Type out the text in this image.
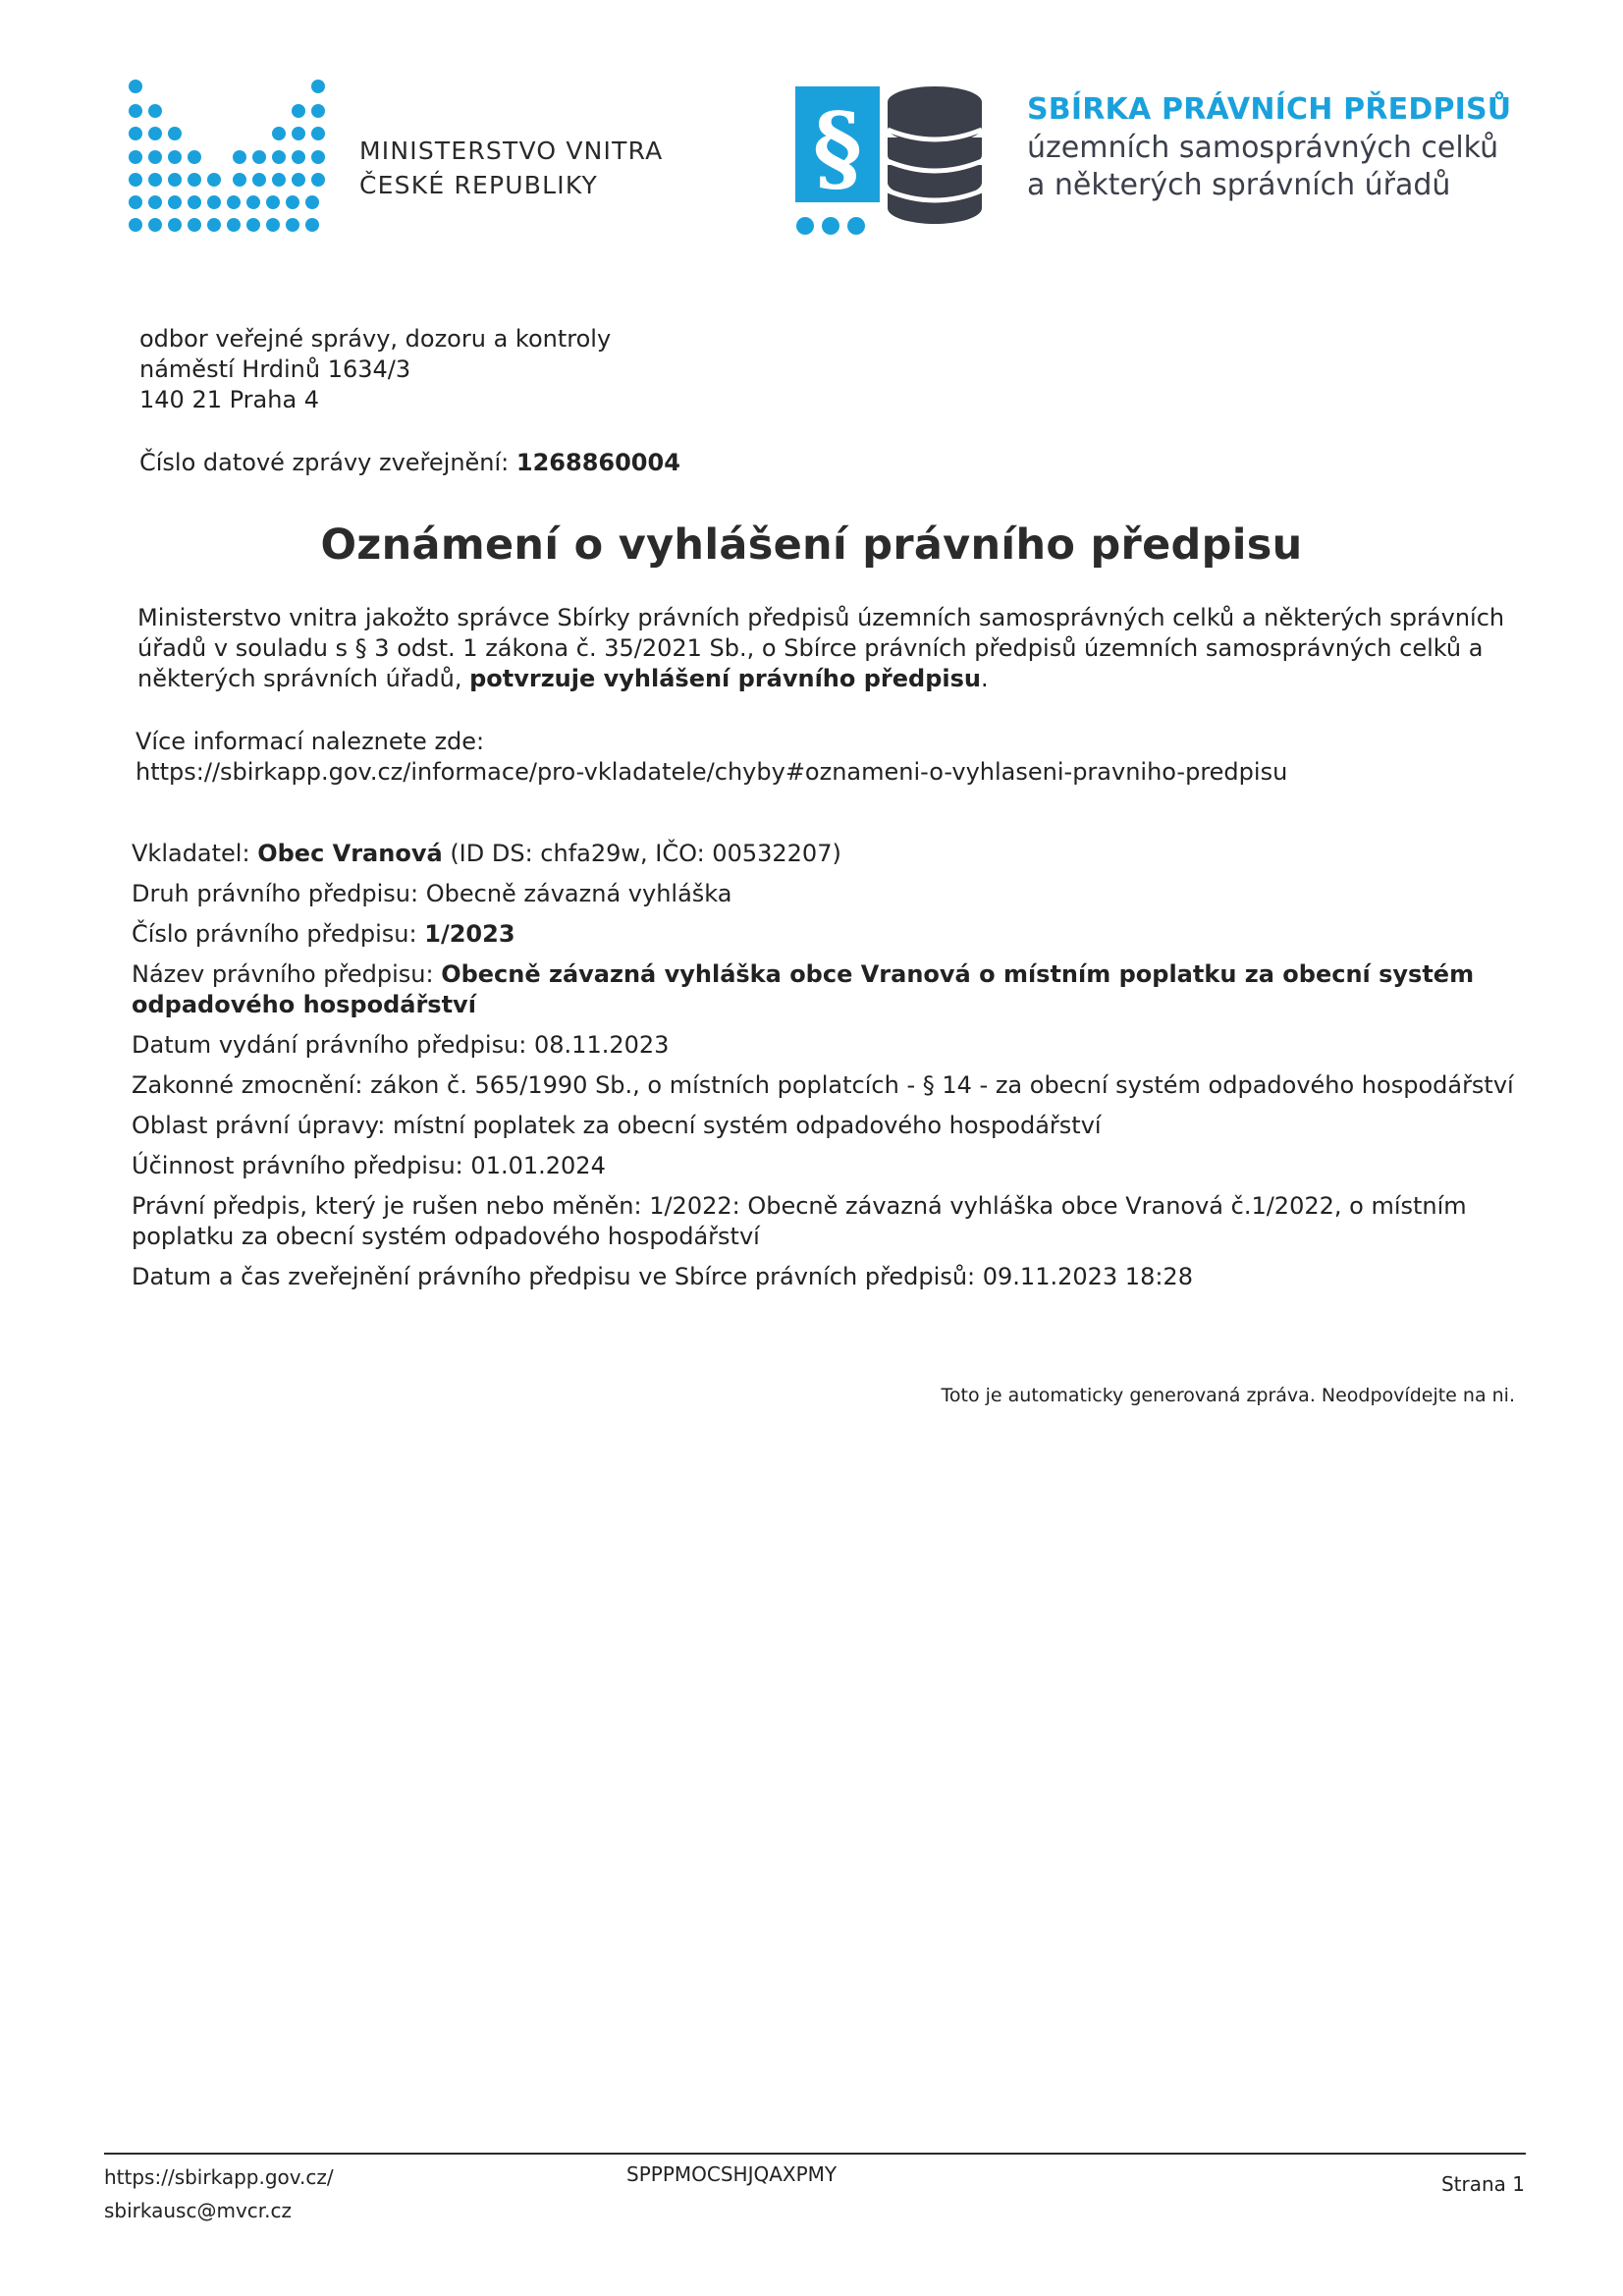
MINISTERSTVO VNITRA
ČESKÉ REPUBLIKY	§	SBÍRKA PRÁVNÍCH PŘEDPISŮ
územních samosprávných celků
a některých správních úřadů
odbor veřejné správy, dozoru a kontroly
náměstí Hrdinů 1634/3
140 21 Praha 4
Číslo datové zprávy zveřejnění: 1268860004
Oznámení o vyhlášení právního předpisu
Ministerstvo vnitra jakožto správce Sbírky právních předpisů územních samosprávných celků a některých správních úřadů v souladu s § 3 odst. 1 zákona č. 35/2021 Sb., o Sbírce právních předpisů územních samosprávných celků a některých správních úřadů, potvrzuje vyhlášení právního předpisu.
Více informací naleznete zde:
https://sbirkapp.gov.cz/informace/pro-vkladatele/chyby#oznameni-o-vyhlaseni-pravniho-predpisu
Vkladatel: Obec Vranová (ID DS: chfa29w, IČO: 00532207)
Druh právního předpisu: Obecně závazná vyhláška
Číslo právního předpisu: 1/2023
Název právního předpisu: Obecně závazná vyhláška obce Vranová o místním poplatku za obecní systém odpadového hospodářství
Datum vydání právního předpisu: 08.11.2023
Zakonné zmocnění: zákon č. 565/1990 Sb., o místních poplatcích - § 14 - za obecní systém odpadového hospodářství
Oblast právní úpravy: místní poplatek za obecní systém odpadového hospodářství
Účinnost právního předpisu: 01.01.2024
Právní předpis, který je rušen nebo měněn: 1/2022: Obecně závazná vyhláška obce Vranová č.1/2022, o místním poplatku za obecní systém odpadového hospodářství
Datum a čas zveřejnění právního předpisu ve Sbírce právních předpisů: 09.11.2023 18:28
Toto je automaticky generovaná zpráva. Neodpovídejte na ni.
https://sbirkapp.gov.cz/
sbirkausc@mvcr.cz
SPPPMOCSHJQAXPMY	Strana 1
